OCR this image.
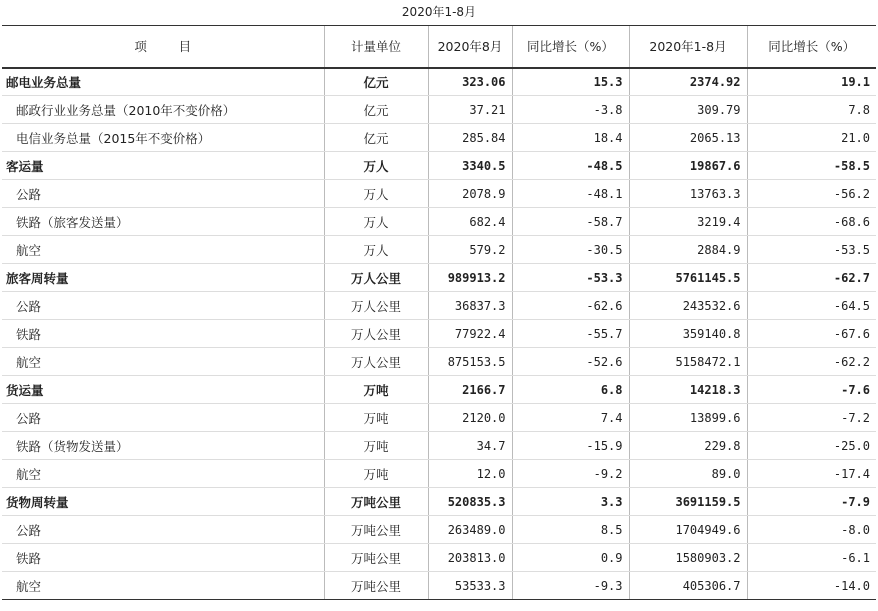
2020年1-8月
项        目	计量单位	2020年8月	同比增长（%）	2020年1-8月	同比增长（%）
邮电业务总量	亿元	323.06	15.3	2374.92	19.1
邮政行业业务总量（2010年不变价格）	亿元	37.21	-3.8	309.79	7.8
电信业务总量（2015年不变价格）	亿元	285.84	18.4	2065.13	21.0
客运量	万人	3340.5	-48.5	19867.6	-58.5
公路	万人	2078.9	-48.1	13763.3	-56.2
铁路（旅客发送量）	万人	682.4	-58.7	3219.4	-68.6
航空	万人	579.2	-30.5	2884.9	-53.5
旅客周转量	万人公里	989913.2	-53.3	5761145.5	-62.7
公路	万人公里	36837.3	-62.6	243532.6	-64.5
铁路	万人公里	77922.4	-55.7	359140.8	-67.6
航空	万人公里	875153.5	-52.6	5158472.1	-62.2
货运量	万吨	2166.7	6.8	14218.3	-7.6
公路	万吨	2120.0	7.4	13899.6	-7.2
铁路（货物发送量）	万吨	34.7	-15.9	229.8	-25.0
航空	万吨	12.0	-9.2	89.0	-17.4
货物周转量	万吨公里	520835.3	3.3	3691159.5	-7.9
公路	万吨公里	263489.0	8.5	1704949.6	-8.0
铁路	万吨公里	203813.0	0.9	1580903.2	-6.1
航空	万吨公里	53533.3	-9.3	405306.7	-14.0
